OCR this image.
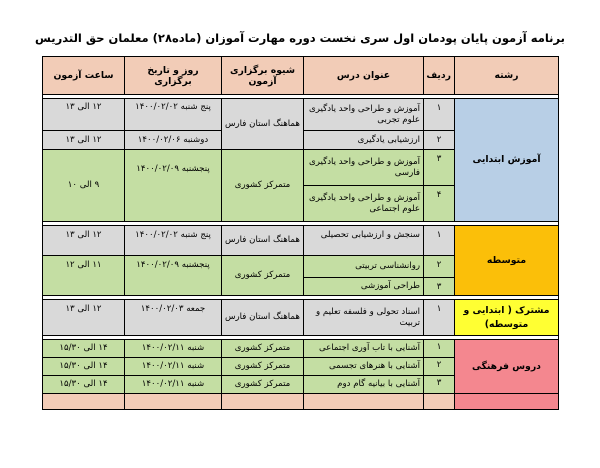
برنامه آزمون پایان پودمان اول سری نخست دوره مهارت آموزان (ماده۲۸) معلمان حق التدریس
رشته	ردیف	عنوان درس	شیوه برگزاری آزمون	روز و تاریخ برگزاری	ساعت آزمون

آموزش ابتدایی	۱	آموزش و طراحی واحد یادگیری علوم تجربی	هماهنگ استان فارس	پنج شنبه ۱۴۰۰/۰۲/۰۲	۱۲ الی ۱۳
	۲	ارزشیابی یادگیری		دوشنبه ۱۴۰۰/۰۲/۰۶	۱۲ الی ۱۳
	۳	آموزش و طراحی واحد یادگیری فارسی	متمرکز کشوری	پنجشنبه ۱۴۰۰/۰۲/۰۹	۹ الی ۱۰
	۴	آموزش و طراحی واحد یادگیری علوم اجتماعی			

متوسطه	۱	سنجش و ارزشیابی تحصیلی	هماهنگ استان فارس	پنج شنبه ۱۴۰۰/۰۲/۰۲	۱۲ الی ۱۳
	۲	روانشناسی تربیتی	متمرکز کشوری	پنجشنبه ۱۴۰۰/۰۲/۰۹	۱۱ الی ۱۲
	۳	طراحی آموزشی			

مشترک ( ابتدایی و متوسطه)	۱	اسناد تحولی و فلسفه تعلیم و تربیت	هماهنگ استان فارس	جمعه ۱۴۰۰/۰۲/۰۳	۱۲ الی ۱۳

دروس فرهنگی	۱	آشنایی با تاب آوری اجتماعی	متمرکز کشوری	شنبه ۱۴۰۰/۰۲/۱۱	۱۴ الی ۱۵/۳۰
	۲	آشنایی با هنرهای تجسمی	متمرکز کشوری	شنبه ۱۴۰۰/۰۲/۱۱	۱۴ الی ۱۵/۳۰
	۳	آشنایی با بیانیه گام دوم	متمرکز کشوری	شنبه ۱۴۰۰/۰۲/۱۱	۱۴ الی ۱۵/۳۰
